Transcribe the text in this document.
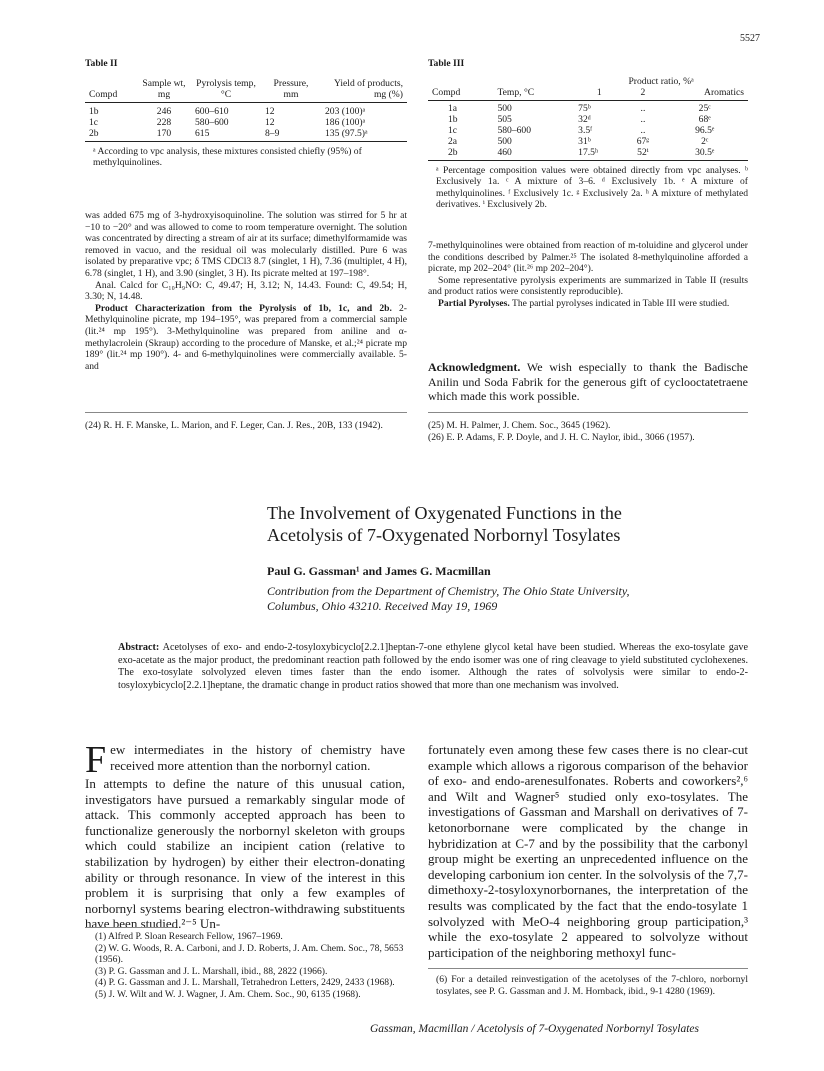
5527
Table II
Compd	Sample wt, mg	Pyrolysis temp, °C	Pressure, mm	Yield of products, mg (%)
1b	246	600–610	12	203 (100)ᵃ
1c	228	580–600	12	186 (100)ᵃ
2b	170	615	8–9	135 (97.5)ᵃ
ᵃ According to vpc analysis, these mixtures consisted chiefly (95%) of methylquinolines.
Table III
		Product ratio, %ᵃ		
Compd	Temp, °C	1	2	Aromatics
1a	500	75ᵇ	..	25ᶜ
1b	505	32ᵈ	..	68ᵉ
1c	580–600	3.5ᶠ	..	96.5ᵉ
2a	500	31ᵇ	67ᵍ	2ᶜ
2b	460	17.5ʰ	52ⁱ	30.5ᵉ
ᵃ Percentage composition values were obtained directly from vpc analyses. ᵇ Exclusively 1a. ᶜ A mixture of 3–6. ᵈ Exclusively 1b. ᵉ A mixture of methylquinolines. ᶠ Exclusively 1c. ᵍ Exclusively 2a. ʰ A mixture of methylated derivatives. ⁱ Exclusively 2b.
was added 675 mg of 3-hydroxyisoquinoline. The solution was stirred for 5 hr at −10 to −20° and was allowed to come to room temperature overnight. The solution was concentrated by directing a stream of air at its surface; dimethylformamide was removed in vacuo, and the residual oil was molecularly distilled. Pure 6 was isolated by preparative vpc; δ TMS CDCl3 8.7 (singlet, 1 H), 7.36 (multiplet, 4 H), 6.78 (singlet, 1 H), and 3.90 (singlet, 3 H). Its picrate melted at 197–198°.
Anal. Calcd for C₁₀H₉NO: C, 49.47; H, 3.12; N, 14.43. Found: C, 49.54; H, 3.30; N, 14.48.
Product Characterization from the Pyrolysis of 1b, 1c, and 2b. 2-Methylquinoline picrate, mp 194–195°, was prepared from a commercial sample (lit.²⁴ mp 195°). 3-Methylquinoline was prepared from aniline and α-methylacrolein (Skraup) according to the procedure of Manske, et al.;²⁴ picrate mp 189° (lit.²⁴ mp 190°). 4- and 6-methylquinolines were commercially available. 5- and
7-methylquinolines were obtained from reaction of m-toluidine and glycerol under the conditions described by Palmer.²⁵ The isolated 8-methylquinoline afforded a picrate, mp 202–204° (lit.²⁶ mp 202–204°).
Some representative pyrolysis experiments are summarized in Table II (results and product ratios were consistently reproducible).
Partial Pyrolyses. The partial pyrolyses indicated in Table III were studied.
Acknowledgment. We wish especially to thank the Badische Anilin und Soda Fabrik for the generous gift of cyclooctatetraene which made this work possible.
(24) R. H. F. Manske, L. Marion, and F. Leger, Can. J. Res., 20B, 133 (1942).	(25) M. H. Palmer, J. Chem. Soc., 3645 (1962).
(26) E. P. Adams, F. P. Doyle, and J. H. C. Naylor, ibid., 3066 (1957).
The Involvement of Oxygenated Functions in the
Acetolysis of 7-Oxygenated Norbornyl Tosylates
Paul G. Gassman¹ and James G. Macmillan
Contribution from the Department of Chemistry, The Ohio State University,
Columbus, Ohio 43210. Received May 19, 1969
Abstract: Acetolyses of exo- and endo-2-tosyloxybicyclo[2.2.1]heptan-7-one ethylene glycol ketal have been studied. Whereas the exo-tosylate gave exo-acetate as the major product, the predominant reaction path followed by the endo isomer was one of ring cleavage to yield substituted cyclohexenes. The exo-tosylate solvolyzed eleven times faster than the endo isomer. Although the rates of solvolysis were similar to endo-2-tosyloxybicyclo[2.2.1]heptane, the dramatic change in product ratios showed that more than one mechanism was involved.
F ew intermediates in the history of chemistry have received more attention than the norbornyl cation.
In attempts to define the nature of this unusual cation, investigators have pursued a remarkably singular mode of attack. This commonly accepted approach has been to functionalize generously the norbornyl skeleton with groups which could stabilize an incipient cation (relative to stabilization by hydrogen) by either their electron-donating ability or through resonance. In view of the interest in this problem it is surprising that only a few examples of norbornyl systems bearing electron-withdrawing substituents have been studied.²⁻⁵ Un-
fortunately even among these few cases there is no clear-cut example which allows a rigorous comparison of the behavior of exo- and endo-arenesulfonates. Roberts and coworkers²,⁶ and Wilt and Wagner⁵ studied only exo-tosylates. The investigations of Gassman and Marshall on derivatives of 7-ketonorbornane were complicated by the change in hybridization at C-7 and by the possibility that the carbonyl group might be exerting an unprecedented influence on the developing carbonium ion center. In the solvolysis of the 7,7-dimethoxy-2-tosyloxynorbornanes, the interpretation of the results was complicated by the fact that the endo-tosylate 1 solvolyzed with MeO-4 neighboring group participation,³ while the exo-tosylate 2 appeared to solvolyze without participation of the neighboring methoxyl func-
(1) Alfred P. Sloan Research Fellow, 1967–1969.
(2) W. G. Woods, R. A. Carboni, and J. D. Roberts, J. Am. Chem. Soc., 78, 5653 (1956).
(3) P. G. Gassman and J. L. Marshall, ibid., 88, 2822 (1966).
(4) P. G. Gassman and J. L. Marshall, Tetrahedron Letters, 2429, 2433 (1968).
(5) J. W. Wilt and W. J. Wagner, J. Am. Chem. Soc., 90, 6135 (1968).
(6) For a detailed reinvestigation of the acetolyses of the 7-chloro, norbornyl tosylates, see P. G. Gassman and J. M. Hornback, ibid., 9-1 4280 (1969).
Gassman, Macmillan / Acetolysis of 7-Oxygenated Norbornyl Tosylates
